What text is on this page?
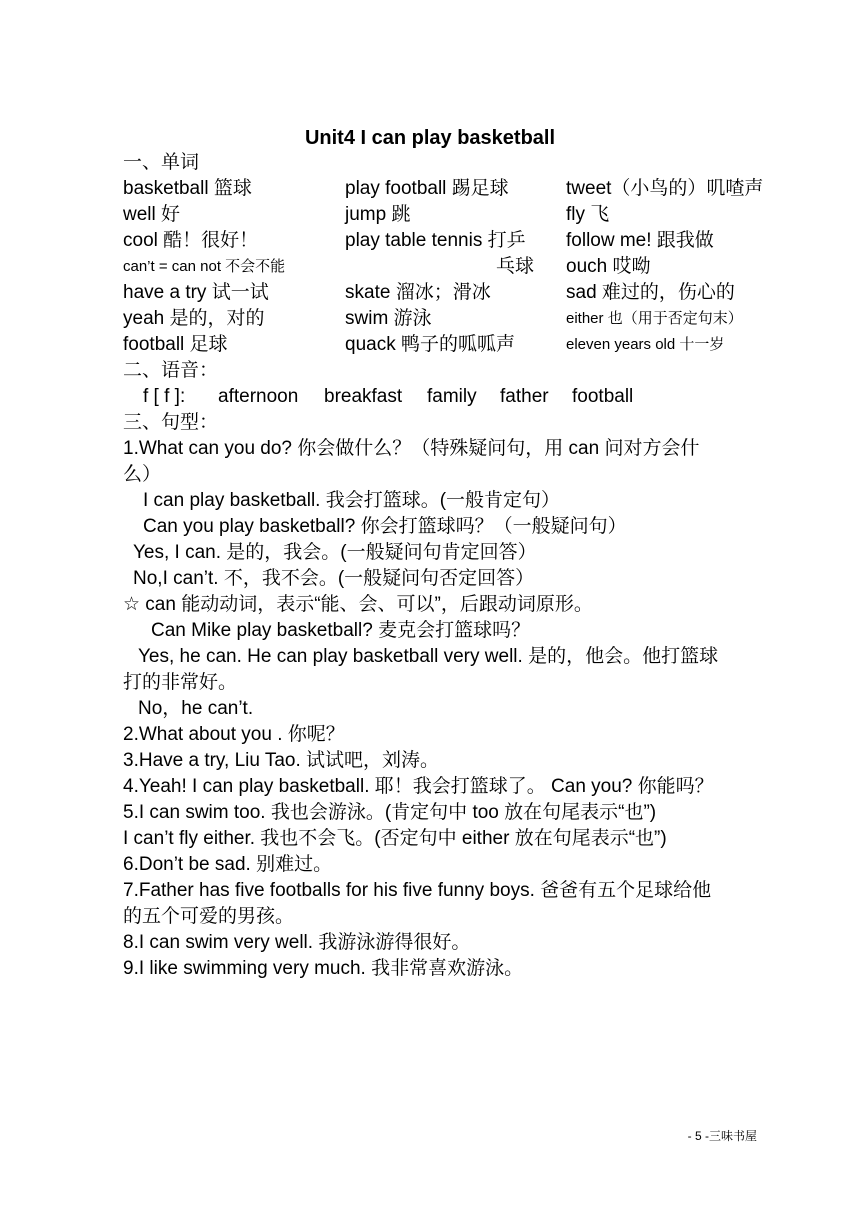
Unit4 I can play basketball
一、单词
basketball 篮球
well 好
cool 酷！很好！
can’t = can not 不会不能
have a try 试一试
yeah 是的，对的
football 足球
play football 踢足球
jump 跳
play table tennis 打乒
乓球
skate 溜冰；滑冰
swim 游泳
quack 鸭子的呱呱声
tweet（小鸟的）叽喳声
fly 飞
follow me! 跟我做
ouch 哎呦
sad 难过的，伤心的
either 也（用于否定句末）
eleven years old 十一岁
二、语音：
f [ f ]: afternoon breakfast family father football
三、句型：
1.What can you do? 你会做什么？（特殊疑问句，用 can 问对方会什
么）
I can play basketball. 我会打篮球。(一般肯定句）
Can you play basketball? 你会打篮球吗？（一般疑问句）
Yes, I can. 是的，我会。(一般疑问句肯定回答）
No,I can’t. 不，我不会。(一般疑问句否定回答）
☆ can 能动动词，表示“能、会、可以”，后跟动词原形。
Can Mike play basketball? 麦克会打篮球吗？
Yes, he can. He can play basketball very well. 是的，他会。他打篮球
打的非常好。
No，he can’t.
2.What about you . 你呢？
3.Have a try, Liu Tao. 试试吧，刘涛。
4.Yeah! I can play basketball. 耶！我会打篮球了。 Can you? 你能吗？
5.I can swim too. 我也会游泳。(肯定句中 too 放在句尾表示“也”)
I can’t fly either. 我也不会飞。(否定句中 either 放在句尾表示“也”)
6.Don’t be sad. 别难过。
7.Father has five footballs for his five funny boys. 爸爸有五个足球给他
的五个可爱的男孩。
8.I can swim very well. 我游泳游得很好。
9.I like swimming very much. 我非常喜欢游泳。
- 5 -三味书屋
